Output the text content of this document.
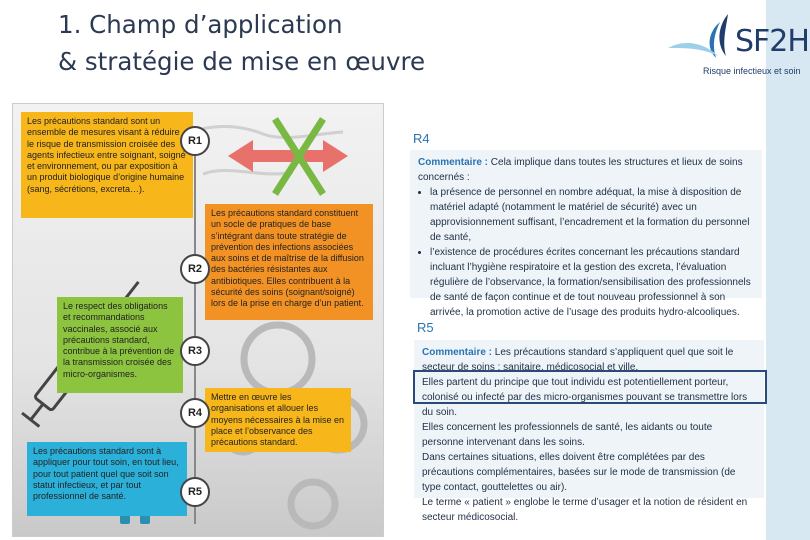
1. Champ d’application
& stratégie de mise en œuvre
SF2H
Risque infectieux et soin
Les précautions standard sont un ensemble de mesures visant à réduire le risque de transmission croisée des agents infectieux entre soignant, soigné et environnement, ou par exposition à un produit biologique d’origine humaine (sang, sécrétions, excreta…).
Les précautions standard constituent un socle de pratiques de base s’intégrant dans toute stratégie de prévention des infections associées aux soins et de maîtrise de la diffusion des bactéries résistantes aux antibiotiques. Elles contribuent à la sécurité des soins (soignant/soigné) lors de la prise en charge d’un patient.
Le respect des obligations et recommandations vaccinales, associé aux précautions standard, contribue à la prévention de la transmission croisée des micro-organismes.
Mettre en œuvre les organisations et allouer les moyens nécessaires à la mise en place et l’observance des précautions standard.
Les précautions standard sont à appliquer pour tout soin, en tout lieu, pour tout patient quel que soit son statut infectieux, et par tout professionnel de santé.
R1
R2
R3
R4
R5
R4
Commentaire : Cela implique dans toutes les structures et lieux de soins concernés :
• la présence de personnel en nombre adéquat, la mise à disposition de matériel adapté (notamment le matériel de sécurité) avec un approvisionnement suffisant, l’encadrement et la formation du personnel de santé,
• l’existence de procédures écrites concernant les précautions standard incluant l’hygiène respiratoire et la gestion des excreta, l’évaluation régulière de l’observance, la formation/sensibilisation des professionnels de santé de façon continue et de tout nouveau professionnel à son arrivée, la promotion active de l’usage des produits hydro-alcooliques.
R5
Commentaire : Les précautions standard s’appliquent quel que soit le secteur de soins : sanitaire, médicosocial et ville.
Elles partent du principe que tout individu est potentiellement porteur, colonisé ou infecté par des micro-organismes pouvant se transmettre lors du soin.
Elles concernent les professionnels de santé, les aidants ou toute personne intervenant dans les soins.
Dans certaines situations, elles doivent être complétées par des précautions complémentaires, basées sur le mode de transmission (de type contact, gouttelettes ou air).
Le terme « patient » englobe le terme d’usager et la notion de résident en secteur médicosocial.
